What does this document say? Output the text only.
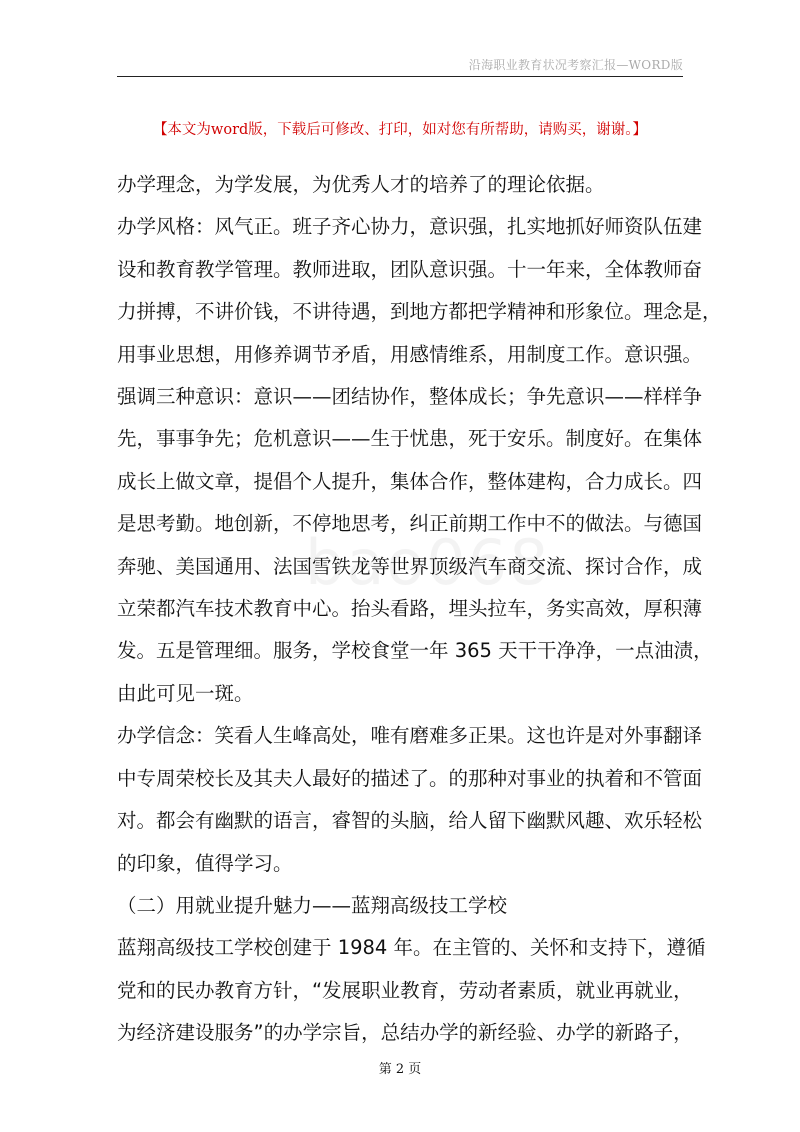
沿海职业教育状况考察汇报—WORD版
【本文为word版，下载后可修改、打印，如对您有所帮助，请购买，谢谢。】

办学理念，为学发展，为优秀人才的培养了的理论依据。

办学风格：风气正。班子齐心协力，意识强，扎实地抓好师资队伍建

设和教育教学管理。教师进取，团队意识强。十一年来，全体教师奋

力拼搏，不讲价钱，不讲待遇，到地方都把学精神和形象位。理念是，

用事业思想，用修养调节矛盾，用感情维系，用制度工作。意识强。

强调三种意识：意识——团结协作，整体成长；争先意识——样样争

先，事事争先；危机意识——生于忧患，死于安乐。制度好。在集体

成长上做文章，提倡个人提升，集体合作，整体建构，合力成长。四

是思考勤。地创新，不停地思考，纠正前期工作中不的做法。与德国

奔驰、美国通用、法国雪铁龙等世界顶级汽车商交流、探讨合作，成

立荣都汽车技术教育中心。抬头看路，埋头拉车，务实高效，厚积薄

发。五是管理细。服务，学校食堂一年 365 天干干净净，一点油渍，

由此可见一斑。

办学信念：笑看人生峰高处，唯有磨难多正果。这也许是对外事翻译

中专周荣校长及其夫人最好的描述了。的那种对事业的执着和不管面

对。都会有幽默的语言，睿智的头脑，给人留下幽默风趣、欢乐轻松

的印象，值得学习。

（二）用就业提升魅力——蓝翔高级技工学校

蓝翔高级技工学校创建于 1984 年。在主管的、关怀和支持下，遵循

党和的民办教育方针，“发展职业教育，劳动者素质，就业再就业，

为经济建设服务”的办学宗旨，总结办学的新经验、办学的新路子，

第 2 页
